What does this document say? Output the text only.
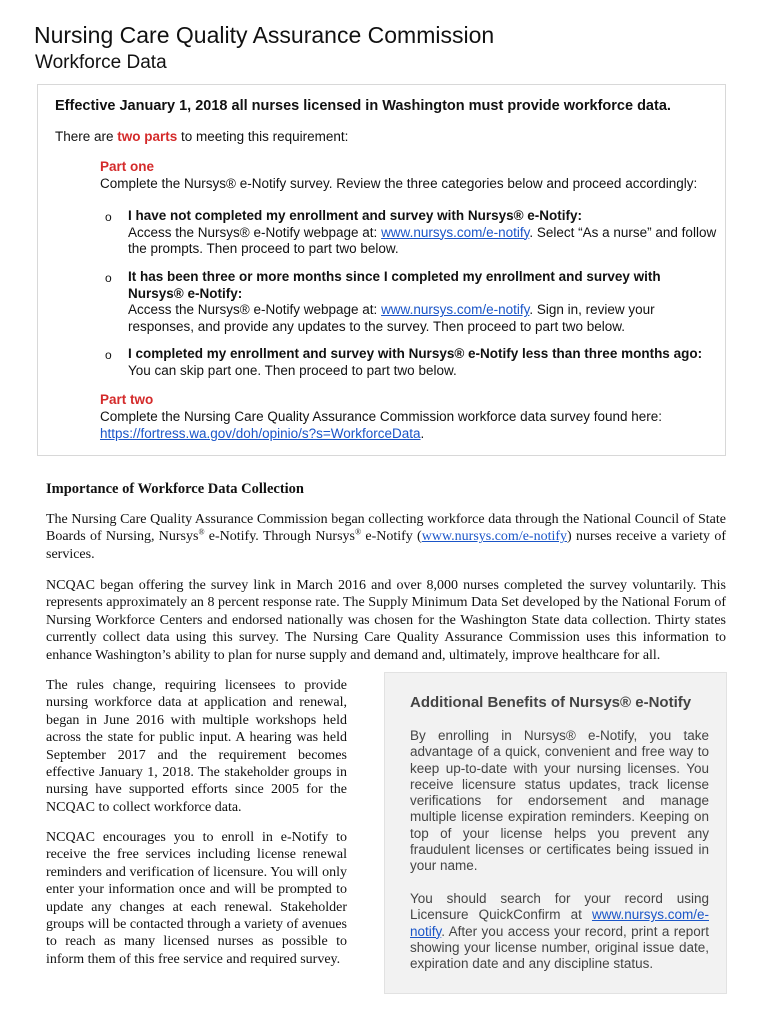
Nursing Care Quality Assurance Commission
Workforce Data
Effective January 1, 2018 all nurses licensed in Washington must provide workforce data.
There are two parts to meeting this requirement:
Part one
Complete the Nursys® e-Notify survey. Review the three categories below and proceed accordingly:
o I have not completed my enrollment and survey with Nursys® e-Notify:
Access the Nursys® e-Notify webpage at: www.nursys.com/e-notify. Select “As a nurse” and follow the prompts. Then proceed to part two below.
o It has been three or more months since I completed my enrollment and survey with Nursys® e-Notify:
Access the Nursys® e-Notify webpage at: www.nursys.com/e-notify. Sign in, review your responses, and provide any updates to the survey. Then proceed to part two below.
o I completed my enrollment and survey with Nursys® e-Notify less than three months ago:
You can skip part one. Then proceed to part two below.
Part two
Complete the Nursing Care Quality Assurance Commission workforce data survey found here:
https://fortress.wa.gov/doh/opinio/s?s=WorkforceData.
Importance of Workforce Data Collection
The Nursing Care Quality Assurance Commission began collecting workforce data through the National Council of State Boards of Nursing, Nursys® e-Notify. Through Nursys® e-Notify (www.nursys.com/e-notify) nurses receive a variety of services.
NCQAC began offering the survey link in March 2016 and over 8,000 nurses completed the survey voluntarily. This represents approximately an 8 percent response rate. The Supply Minimum Data Set developed by the National Forum of Nursing Workforce Centers and endorsed nationally was chosen for the Washington State data collection. Thirty states currently collect data using this survey. The Nursing Care Quality Assurance Commission uses this information to enhance Washington’s ability to plan for nurse supply and demand and, ultimately, improve healthcare for all.
The rules change, requiring licensees to provide nursing workforce data at application and renewal, began in June 2016 with multiple workshops held across the state for public input. A hearing was held September 2017 and the requirement becomes effective January 1, 2018. The stakeholder groups in nursing have supported efforts since 2005 for the NCQAC to collect workforce data.
NCQAC encourages you to enroll in e-Notify to receive the free services including license renewal reminders and verification of licensure. You will only enter your information once and will be prompted to update any changes at each renewal. Stakeholder groups will be contacted through a variety of avenues to reach as many licensed nurses as possible to inform them of this free service and required survey.
Additional Benefits of Nursys® e-Notify
By enrolling in Nursys® e-Notify, you take advantage of a quick, convenient and free way to keep up-to-date with your nursing licenses. You receive licensure status updates, track license verifications for endorsement and manage multiple license expiration reminders. Keeping on top of your license helps you prevent any fraudulent licenses or certificates being issued in your name.
You should search for your record using Licensure QuickConfirm at www.nursys.com/e-notify. After you access your record, print a report showing your license number, original issue date, expiration date and any discipline status.
